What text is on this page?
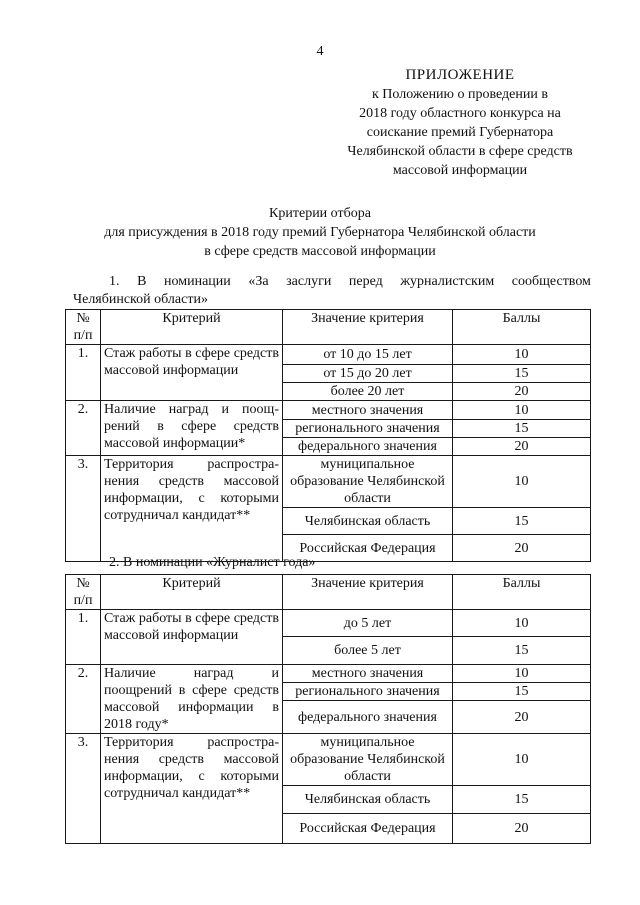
4
ПРИЛОЖЕНИЕ
к Положению о проведении в
2018 году областного конкурса на
соискание премий Губернатора
Челябинской области в сфере средств
массовой информации
Критерии отбора
для присуждения в 2018 году премий Губернатора Челябинской области
в сфере средств массовой информации
1. В номинации «За заслуги перед журналистским сообществом
Челябинской области»
№ п/п	Критерий	Значение критерия	Баллы
1.	Стаж работы в сфере средств массовой информации	от 10 до 15 лет	10
		от 15 до 20 лет	15
		более 20 лет	20
2.	Наличие наград и поощ-рений в сфере средств массовой информации*	местного значения	10
		регионального значения	15
		федерального значения	20
3.	Территория распростра-нения средств массовой информации, с которыми сотрудничал кандидат**	муниципальное образование Челябинской области	10
		Челябинская область	15
		Российская Федерация	20
2. В номинации «Журналист года»
№ п/п	Критерий	Значение критерия	Баллы
1.	Стаж работы в сфере средств массовой информации	до 5 лет	10
		более 5 лет	15
2.	Наличие наград и поощрений в сфере средств массовой информации в 2018 году*	местного значения	10
		регионального значения	15
		федерального значения	20
3.	Территория распростра-нения средств массовой информации, с которыми сотрудничал кандидат**	муниципальное образование Челябинской области	10
		Челябинская область	15
		Российская Федерация	20
